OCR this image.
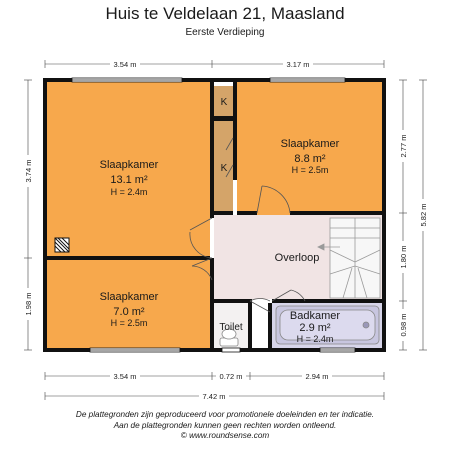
Huis te Veldelaan 21, Maasland
Eerste Verdieping
Slaapkamer
13.1 m²
H = 2.4m
Slaapkamer
8.8 m²
H = 2.5m
Slaapkamer
7.0 m²
H = 2.5m
Overloop
Badkamer
2.9 m²
H = 2.4m
Toilet
K
K
3.54 m	3.17 m
3.74 m
1.98 m
2.77 m
1.80 m
0.98 m
5.82 m
3.54 m	0.72 m	2.94 m
7.42 m
De plattegronden zijn geproduceerd voor promotionele doeleinden en ter indicatie.
Aan de plattegronden kunnen geen rechten worden ontleend.
© www.roundsense.com
